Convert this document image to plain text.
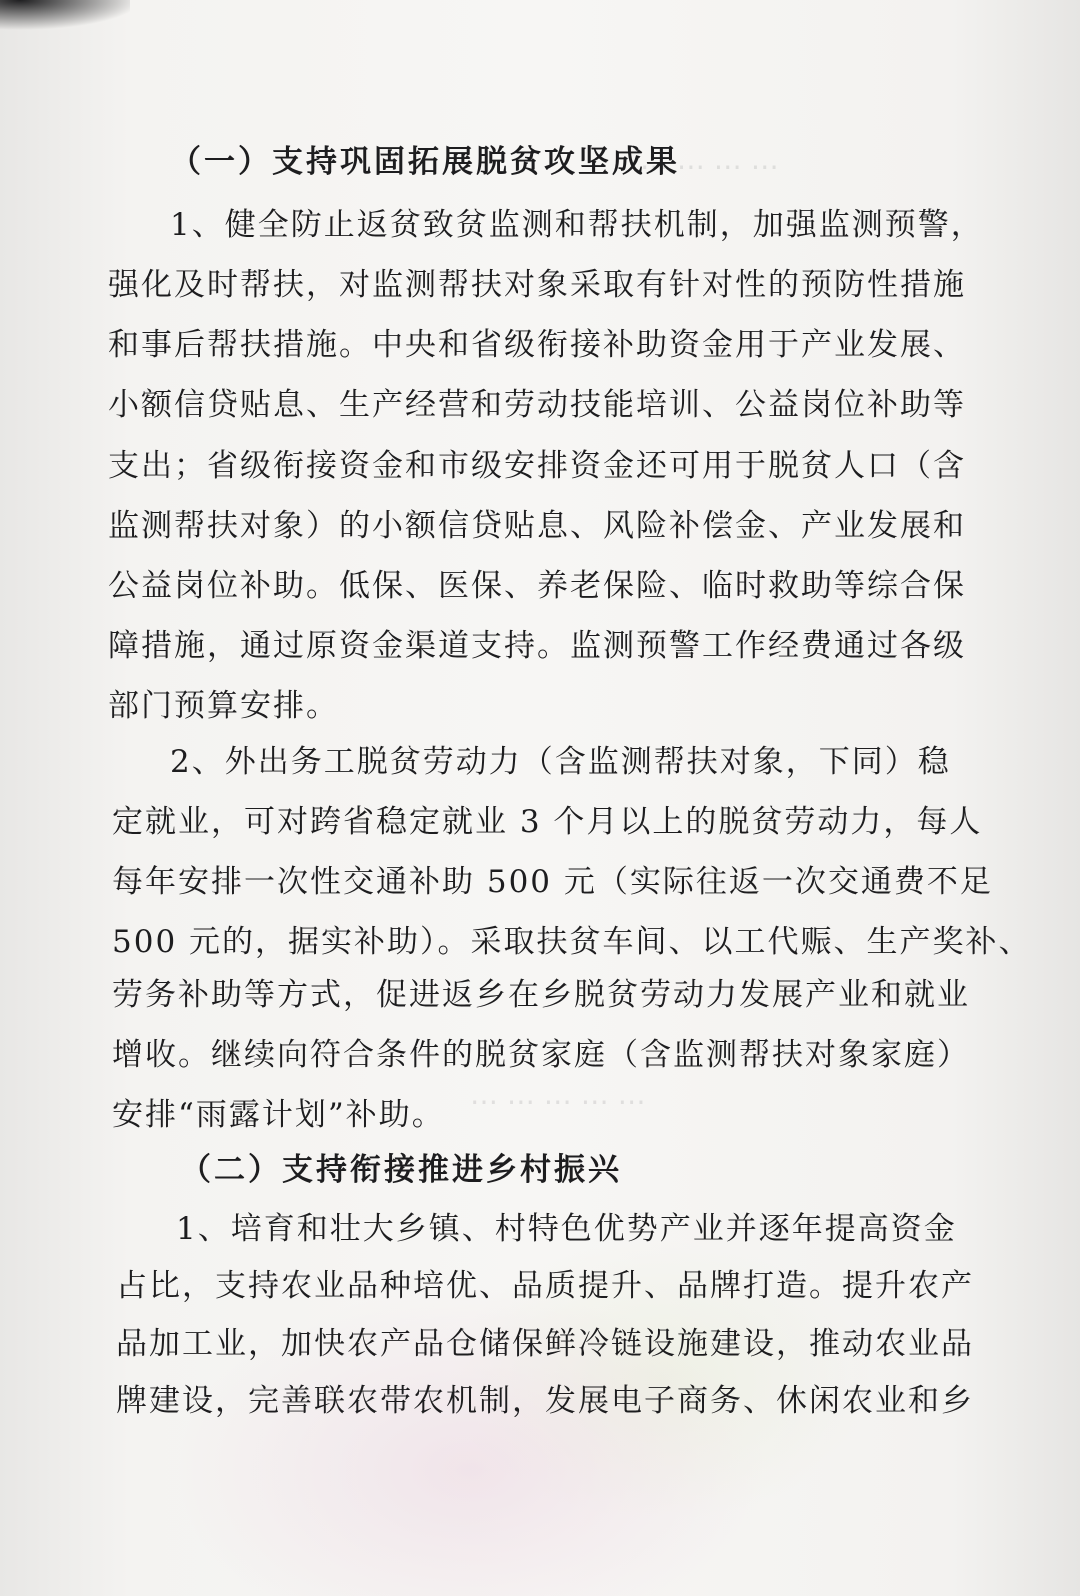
⋯ ⋯ ⋯ ⋯
⋯ ⋯ ⋯ ⋯ ⋯
（一）支持巩固拓展脱贫攻坚成果
1、健全防止返贫致贫监测和帮扶机制，加强监测预警，
强化及时帮扶，对监测帮扶对象采取有针对性的预防性措施
和事后帮扶措施。中央和省级衔接补助资金用于产业发展、
小额信贷贴息、生产经营和劳动技能培训、公益岗位补助等
支出；省级衔接资金和市级安排资金还可用于脱贫人口（含
监测帮扶对象）的小额信贷贴息、风险补偿金、产业发展和
公益岗位补助。低保、医保、养老保险、临时救助等综合保
障措施，通过原资金渠道支持。监测预警工作经费通过各级
部门预算安排。
2、外出务工脱贫劳动力（含监测帮扶对象，下同）稳
定就业，可对跨省稳定就业 3 个月以上的脱贫劳动力，每人
每年安排一次性交通补助 500 元（实际往返一次交通费不足
500 元的，据实补助）。采取扶贫车间、以工代赈、生产奖补、
劳务补助等方式，促进返乡在乡脱贫劳动力发展产业和就业
增收。继续向符合条件的脱贫家庭（含监测帮扶对象家庭）
安排“雨露计划”补助。
（二）支持衔接推进乡村振兴
1、培育和壮大乡镇、村特色优势产业并逐年提高资金
占比，支持农业品种培优、品质提升、品牌打造。提升农产
品加工业，加快农产品仓储保鲜冷链设施建设，推动农业品
牌建设，完善联农带农机制，发展电子商务、休闲农业和乡
